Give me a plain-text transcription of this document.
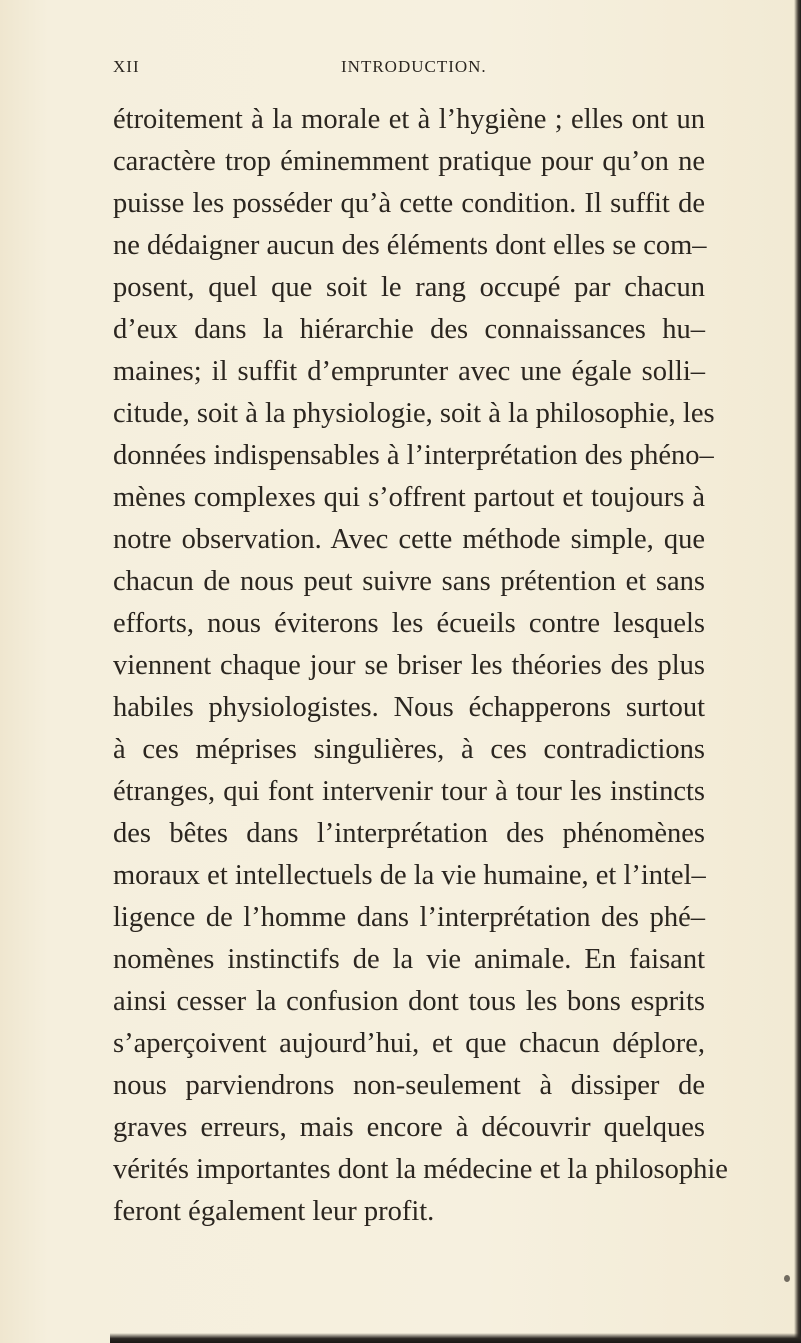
XII	INTRODUCTION.
étroitement à la morale et à l’hygiène ; elles ont un
caractère trop éminemment pratique pour qu’on ne
puisse les posséder qu’à cette condition. Il suffit de
ne dédaigner aucun des éléments dont elles se com–
posent, quel que soit le rang occupé par chacun
d’eux dans la hiérarchie des connaissances hu–
maines; il suffit d’emprunter avec une égale solli–
citude, soit à la physiologie, soit à la philosophie, les
données indispensables à l’interprétation des phéno–
mènes complexes qui s’offrent partout et toujours à
notre observation. Avec cette méthode simple, que
chacun de nous peut suivre sans prétention et sans
efforts, nous éviterons les écueils contre lesquels
viennent chaque jour se briser les théories des plus
habiles physiologistes. Nous échapperons surtout
à ces méprises singulières, à ces contradictions
étranges, qui font intervenir tour à tour les instincts
des bêtes dans l’interprétation des phénomènes
moraux et intellectuels de la vie humaine, et l’intel–
ligence de l’homme dans l’interprétation des phé–
nomènes instinctifs de la vie animale. En faisant
ainsi cesser la confusion dont tous les bons esprits
s’aperçoivent aujourd’hui, et que chacun déplore,
nous parviendrons non-seulement à dissiper de
graves erreurs, mais encore à découvrir quelques
vérités importantes dont la médecine et la philosophie
feront également leur profit.
